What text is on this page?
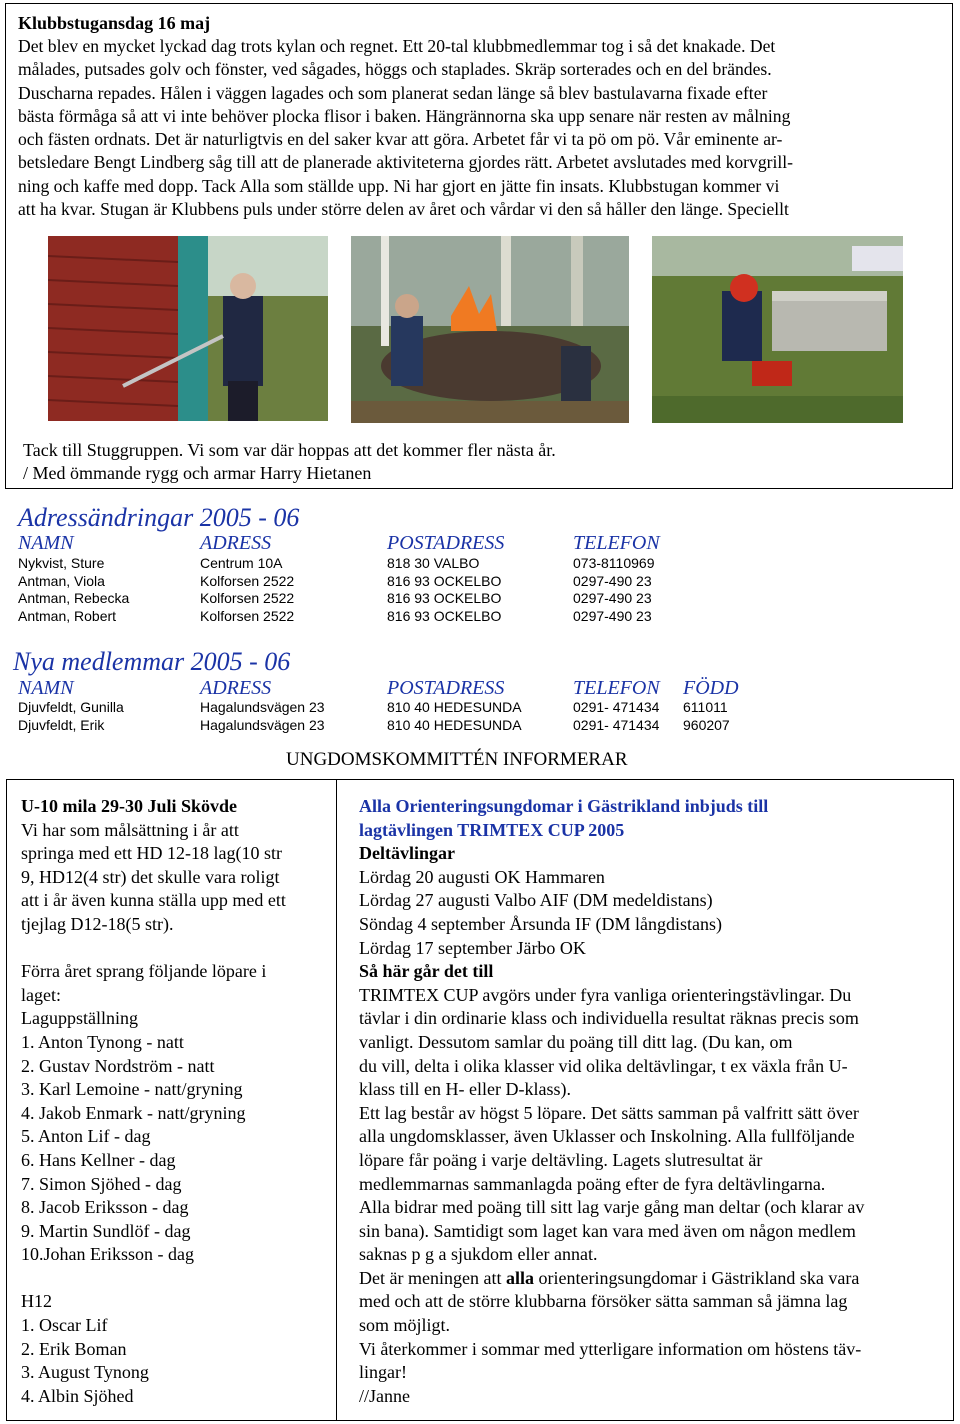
Klubbstugansdag 16 maj
Det blev en mycket lyckad dag trots kylan och regnet. Ett 20-tal klubbmedlemmar tog i så det knakade. Det
målades, putsades golv och fönster, ved sågades, höggs och staplades. Skräp sorterades och en del brändes.
Duscharna repades. Hålen i väggen lagades och som planerat sedan länge så blev bastulavarna fixade efter
bästa förmåga så att vi inte behöver plocka flisor i baken. Hängrännorna ska upp senare när resten av målning
och fästen ordnats. Det är naturligtvis en del saker kvar att göra. Arbetet får vi ta pö om pö. Vår eminente ar-
betsledare Bengt Lindberg såg till att de planerade aktiviteterna gjordes rätt. Arbetet avslutades med korvgrill-
ning och kaffe med dopp. Tack Alla som ställde upp. Ni har gjort en jätte fin insats. Klubbstugan kommer vi
att ha kvar. Stugan är Klubbens puls under större delen av året och vårdar vi den så håller den länge. Speciellt
Tack till Stuggruppen. Vi som var där hoppas att det kommer fler nästa år.
/ Med ömmande rygg och armar Harry Hietanen
Adressändringar 2005 - 06
NAMN	ADRESS	POSTADRESS	TELEFON
Nykvist, Sture	Centrum 10A	818 30 VALBO	073-8110969
Antman, Viola	Kolforsen 2522	816 93 OCKELBO	0297-490 23
Antman, Rebecka	Kolforsen 2522	816 93 OCKELBO	0297-490 23
Antman, Robert	Kolforsen 2522	816 93 OCKELBO	0297-490 23
Nya medlemmar 2005 - 06
NAMN	ADRESS	POSTADRESS	TELEFON FÖDD
Djuvfeldt, Gunilla	Hagalundsvägen 23	810 40 HEDESUNDA	0291- 471434 611011
Djuvfeldt, Erik	Hagalundsvägen 23	810 40 HEDESUNDA	0291- 471434 960207
UNGDOMSKOMMITTÉN INFORMERAR
U-10 mila 29-30 Juli Skövde
Vi har som målsättning i år att
springa med ett HD 12-18 lag(10 str
9, HD12(4 str) det skulle vara roligt
att i år även kunna ställa upp med ett
tjejlag D12-18(5 str).
Förra året sprang följande löpare i
laget:
Laguppställning
1. Anton Tynong - natt
2. Gustav Nordström - natt
3. Karl Lemoine - natt/gryning
4. Jakob Enmark - natt/gryning
5. Anton Lif - dag
6. Hans Kellner - dag
7. Simon Sjöhed - dag
8. Jacob Eriksson - dag
9. Martin Sundlöf - dag
10.Johan Eriksson - dag
H12
1. Oscar Lif
2. Erik Boman
3. August Tynong
4. Albin Sjöhed
Alla Orienteringsungdomar i Gästrikland inbjuds till
lagtävlingen TRIMTEX CUP 2005
Deltävlingar
Lördag 20 augusti OK Hammaren
Lördag 27 augusti Valbo AIF (DM medeldistans)
Söndag 4 september Årsunda IF (DM långdistans)
Lördag 17 september Järbo OK
Så här går det till
TRIMTEX CUP avgörs under fyra vanliga orienteringstävlingar. Du
tävlar i din ordinarie klass och individuella resultat räknas precis som
vanligt. Dessutom samlar du poäng till ditt lag. (Du kan, om
du vill, delta i olika klasser vid olika deltävlingar, t ex växla från U-
klass till en H- eller D-klass).
Ett lag består av högst 5 löpare. Det sätts samman på valfritt sätt över
alla ungdomsklasser, även Uklasser och Inskolning. Alla fullföljande
löpare får poäng i varje deltävling. Lagets slutresultat är
medlemmarnas sammanlagda poäng efter de fyra deltävlingarna.
Alla bidrar med poäng till sitt lag varje gång man deltar (och klarar av
sin bana). Samtidigt som laget kan vara med även om någon medlem
saknas p g a sjukdom eller annat.
Det är meningen att alla orienteringsungdomar i Gästrikland ska vara
med och att de större klubbarna försöker sätta samman så jämna lag
som möjligt.
Vi återkommer i sommar med ytterligare information om höstens täv-
lingar!
//Janne
